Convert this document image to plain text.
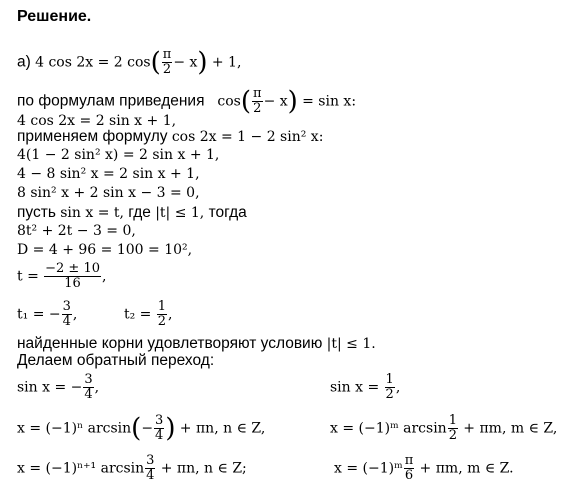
Решение.
а) 4 cos 2x = 2 $\cos( \frac{\pi}{2} - x) + 1$,
по формулам приведения $\cos( \frac{\pi}{2} - x) = \sin x$:
4 cos 2x = 2 sin x + 1,
применяем формулу cos 2x = 1 − 2 sin² x:
4(1 − 2 sin² x) = 2 sin x + 1,
4 − 8 sin² x = 2 sin x + 1,
8 sin² x + 2 sin x − 3 = 0,
пусть sin x = t, где |t| ≤ 1, тогда
8t² + 2t − 3 = 0,
D = 4 + 96 = 100 = 10²,
$t = \frac{-2 \pm 10}{16}$ ,
t₁ = − $\frac{3}{4}$ ,	$t_2 = \frac{1}{2}$ ,
найденные корни удовлетворяют условию |t| ≤ 1.
Делаем обратный переход:
sin x = − $\frac{3}{4}$ ,	$\sin x = \frac{1}{2}$ ,
x = (−1)ⁿ $\arcsin(- \frac{3}{4}$ ) + πn, n ∈ Z,	x = (−1)ᵐ $\arcsin \frac{1}{2} + \pi m$, m ∈ Z,
x = (−1)ⁿ⁺¹ $\arcsin \frac{3}{4} + \pi n$, n ∈ Z;	x = (−1)ᵐ $\frac{\pi}{6} + \pi m$, m ∈ Z.
